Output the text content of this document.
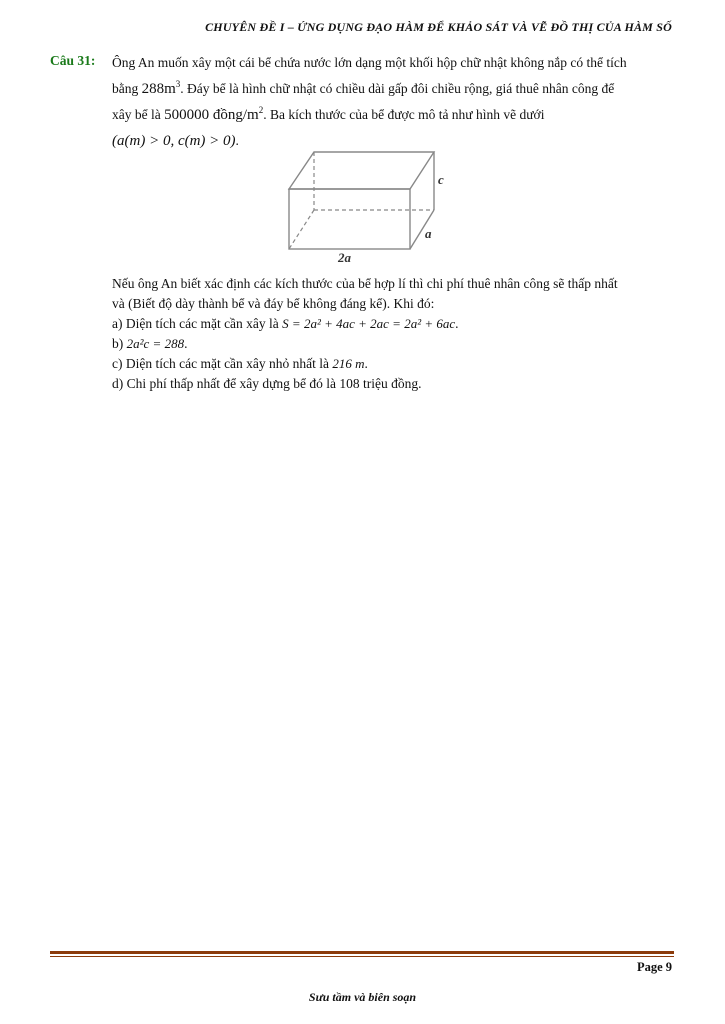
CHUYÊN ĐỀ I – ỨNG DỤNG ĐẠO HÀM ĐỂ KHẢO SÁT VÀ VẼ ĐỒ THỊ CỦA HÀM SỐ
Câu 31: Ông An muốn xây một cái bể chứa nước lớn dạng một khối hộp chữ nhật không nắp có thể tích
bằng $288m^3$. Đáy bể là hình chữ nhật có chiều dài gấp đôi chiều rộng, giá thuê nhân công để
xây bể là 500000 đồng/$m^2$. Ba kích thước của bể được mô tả như hình vẽ dưới
(a(m) > 0, c(m) > 0).
c
a
2a

Nếu ông An biết xác định các kích thước của bể hợp lí thì chi phí thuê nhân công sẽ thấp nhất

và (Biết độ dày thành bể và đáy bể không đáng kể). Khi đó:

a) Diện tích các mặt cần xây là S = 2a² + 4ac + 2ac = 2a² + 6ac.

b) 2a²c = 288.

c) Diện tích các mặt cần xây nhỏ nhất là 216 m.

d) Chi phí thấp nhất để xây dựng bể đó là 108 triệu đồng.

Page 9
Sưu tầm và biên soạn
